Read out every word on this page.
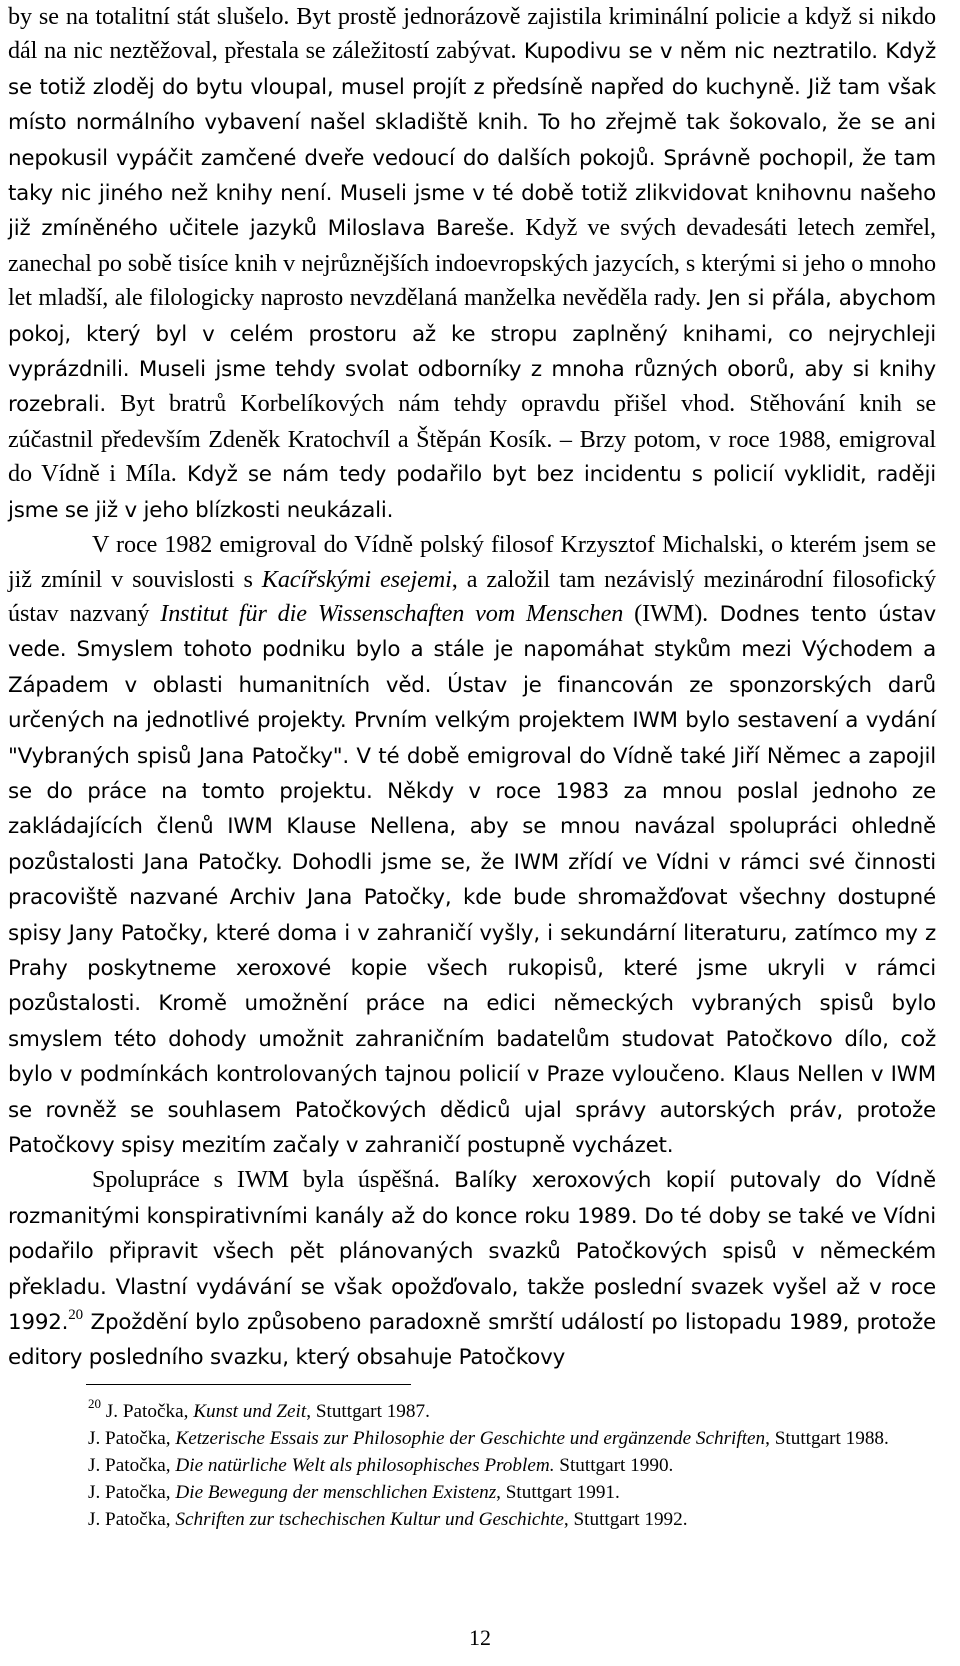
by se na totalitní stát slušelo. Byt prostě jednorázově zajistila kriminální policie a když si nikdo dál na nic neztěžoval, přestala se záležitostí zabývat. Kupodivu se v něm nic neztratilo. Když se totiž zloděj do bytu vloupal, musel projít z předsíně napřed do kuchyně. Již tam však místo normálního vybavení našel skladiště knih. To ho zřejmě tak šokovalo, že se ani nepokusil vypáčit zamčené dveře vedoucí do dalších pokojů. Správně pochopil, že tam taky nic jiného než knihy není. Museli jsme v té době totiž zlikvidovat knihovnu našeho již zmíněného učitele jazyků Miloslava Bareše. Když ve svých devadesáti letech zemřel, zanechal po sobě tisíce knih v nejrůznějších indoevropských jazycích, s kterými si jeho o mnoho let mladší, ale filologicky naprosto nevzdělaná manželka nevěděla rady. Jen si přála, abychom pokoj, který byl v celém prostoru až ke stropu zaplněný knihami, co nejrychleji vyprázdnili. Museli jsme tehdy svolat odborníky z mnoha různých oborů, aby si knihy rozebrali. Byt bratrů Korbelíkových nám tehdy opravdu přišel vhod. Stěhování knih se zúčastnil především Zdeněk Kratochvíl a Štěpán Kosík. – Brzy potom, v roce 1988, emigroval do Vídně i Míla. Když se nám tedy podařilo byt bez incidentu s policií vyklidit, raději jsme se již v jeho blízkosti neukázali.

V roce 1982 emigroval do Vídně polský filosof Krzysztof Michalski, o kterém jsem se již zmínil v souvislosti s Kacířskými esejemi, a založil tam nezávislý mezinárodní filosofický ústav nazvaný Institut für die Wissenschaften vom Menschen (IWM). Dodnes tento ústav vede. Smyslem tohoto podniku bylo a stále je napomáhat stykům mezi Východem a Západem v oblasti humanitních věd. Ústav je financován ze sponzorských darů určených na jednotlivé projekty. Prvním velkým projektem IWM bylo sestavení a vydání "Vybraných spisů Jana Patočky". V té době emigroval do Vídně také Jiří Němec a zapojil se do práce na tomto projektu. Někdy v roce 1983 za mnou poslal jednoho ze zakládajících členů IWM Klause Nellena, aby se mnou navázal spolupráci ohledně pozůstalosti Jana Patočky. Dohodli jsme se, že IWM zřídí ve Vídni v rámci své činnosti pracoviště nazvané Archiv Jana Patočky, kde bude shromažďovat všechny dostupné spisy Jany Patočky, které doma i v zahraničí vyšly, i sekundární literaturu, zatímco my z Prahy poskytneme xeroxové kopie všech rukopisů, které jsme ukryli v rámci pozůstalosti. Kromě umožnění práce na edici německých vybraných spisů bylo smyslem této dohody umožnit zahraničním badatelům studovat Patočkovo dílo, což bylo v podmínkách kontrolovaných tajnou policií v Praze vyloučeno. Klaus Nellen v IWM se rovněž se souhlasem Patočkových dědiců ujal správy autorských práv, protože Patočkovy spisy mezitím začaly v zahraničí postupně vycházet.

Spolupráce s IWM byla úspěšná. Balíky xeroxových kopií putovaly do Vídně rozmanitými konspirativními kanály až do konce roku 1989. Do té doby se také ve Vídni podařilo připravit všech pět plánovaných svazků Patočkových spisů v německém překladu. Vlastní vydávání se však opožďovalo, takže poslední svazek vyšel až v roce 1992.20 Zpoždění bylo způsobeno paradoxně smrští událostí po listopadu 1989, protože editory posledního svazku, který obsahuje Patočkovy

$^{20}$ J. Patočka, Kunst und Zeit, Stuttgart 1987.

J. Patočka, Ketzerische Essais zur Philosophie der Geschichte und ergänzende Schriften, Stuttgart 1988.

J. Patočka, Die natürliche Welt als philosophisches Problem. Stuttgart 1990.

J. Patočka, Die Bewegung der menschlichen Existenz, Stuttgart 1991.

J. Patočka, Schriften zur tschechischen Kultur und Geschichte, Stuttgart 1992.

12
